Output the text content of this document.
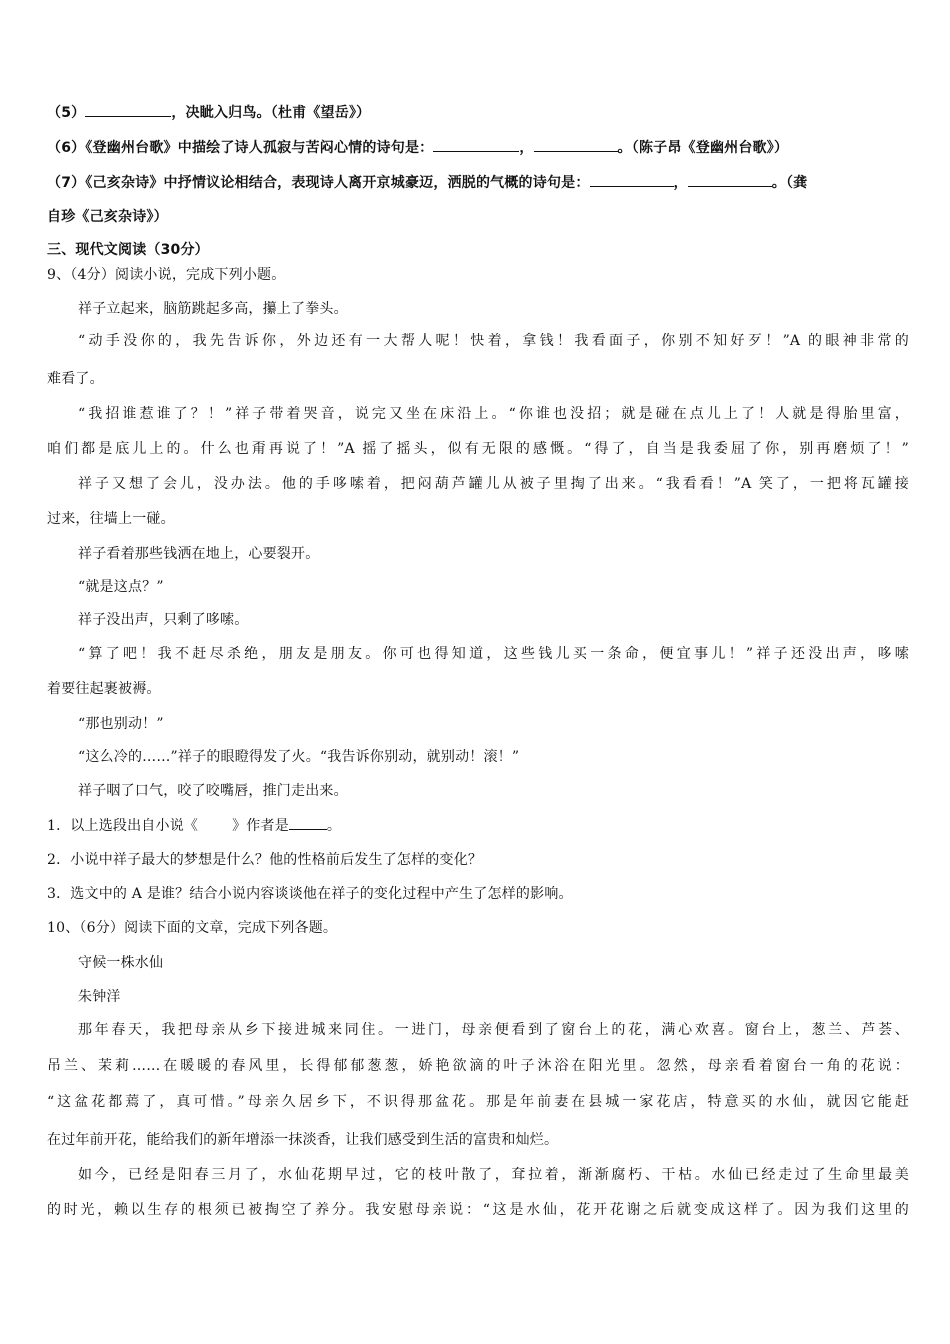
（5）	，决眦入归鸟。（杜甫《望岳》）
（6）《登幽州台歌》中描绘了诗人孤寂与苦闷心情的诗句是：	，	。（陈子昂《登幽州台歌》）
（7）《己亥杂诗》中抒情议论相结合，表现诗人离开京城豪迈，洒脱的气概的诗句是：	，	。（龚
自珍《己亥杂诗》）
三、现代文阅读（30分）
9、（4分）阅读小说，完成下列小题。
祥子立起来，脑筋跳起多高，攥上了拳头。
“动手没你的，我先告诉你，外边还有一大帮人呢！快着，拿钱！我看面子，你别不知好歹！”A 的眼神非常的
难看了。
“我招谁惹谁了？！”祥子带着哭音，说完又坐在床沿上。“你谁也没招；就是碰在点儿上了！人就是得胎里富，
咱们都是底儿上的。什么也甭再说了！”A 摇了摇头，似有无限的感慨。“得了，自当是我委屈了你，别再磨烦了！”
祥子又想了会儿，没办法。他的手哆嗦着，把闷葫芦罐儿从被子里掏了出来。“我看看！”A 笑了，一把将瓦罐接
过来，往墙上一碰。
祥子看着那些钱洒在地上，心要裂开。
“就是这点？”
祥子没出声，只剩了哆嗦。
“算了吧！我不赶尽杀绝，朋友是朋友。你可也得知道，这些钱儿买一条命，便宜事儿！”祥子还没出声，哆嗦
着要往起裹被褥。
“那也别动！”
“这么冷的……”祥子的眼瞪得发了火。“我告诉你别动，就别动！滚！”
祥子咽了口气，咬了咬嘴唇，推门走出来。
1．以上选段出自小说《 》作者是	。
2．小说中祥子最大的梦想是什么？他的性格前后发生了怎样的变化？
3．选文中的 A 是谁？结合小说内容谈谈他在祥子的变化过程中产生了怎样的影响。
10、（6分）阅读下面的文章，完成下列各题。
守候一株水仙
朱钟洋
那年春天，我把母亲从乡下接进城来同住。一进门，母亲便看到了窗台上的花，满心欢喜。窗台上，葱兰、芦荟、
吊兰、茉莉……在暖暖的春风里，长得郁郁葱葱，娇艳欲滴的叶子沐浴在阳光里。忽然，母亲看着窗台一角的花说：
“这盆花都蔫了，真可惜。”母亲久居乡下，不识得那盆花。那是年前妻在县城一家花店，特意买的水仙，就因它能赶
在过年前开花，能给我们的新年增添一抹淡香，让我们感受到生活的富贵和灿烂。
如今，已经是阳春三月了，水仙花期早过，它的枝叶散了，耷拉着，渐渐腐朽、干枯。水仙已经走过了生命里最美
的时光，赖以生存的根须已被掏空了养分。我安慰母亲说：“这是水仙，花开花谢之后就变成这样了。因为我们这里的
